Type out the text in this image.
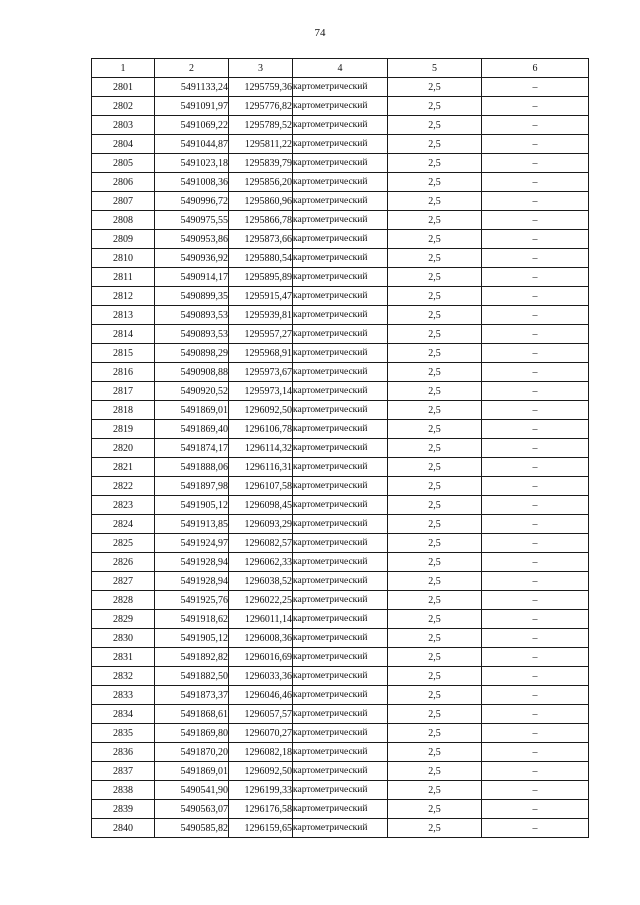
74
1	2	3	4	5	6
2801	5491133,24	1295759,36	картометрический	2,5	–
2802	5491091,97	1295776,82	картометрический	2,5	–
2803	5491069,22	1295789,52	картометрический	2,5	–
2804	5491044,87	1295811,22	картометрический	2,5	–
2805	5491023,18	1295839,79	картометрический	2,5	–
2806	5491008,36	1295856,20	картометрический	2,5	–
2807	5490996,72	1295860,96	картометрический	2,5	–
2808	5490975,55	1295866,78	картометрический	2,5	–
2809	5490953,86	1295873,66	картометрический	2,5	–
2810	5490936,92	1295880,54	картометрический	2,5	–
2811	5490914,17	1295895,89	картометрический	2,5	–
2812	5490899,35	1295915,47	картометрический	2,5	–
2813	5490893,53	1295939,81	картометрический	2,5	–
2814	5490893,53	1295957,27	картометрический	2,5	–
2815	5490898,29	1295968,91	картометрический	2,5	–
2816	5490908,88	1295973,67	картометрический	2,5	–
2817	5490920,52	1295973,14	картометрический	2,5	–
2818	5491869,01	1296092,50	картометрический	2,5	–
2819	5491869,40	1296106,78	картометрический	2,5	–
2820	5491874,17	1296114,32	картометрический	2,5	–
2821	5491888,06	1296116,31	картометрический	2,5	–
2822	5491897,98	1296107,58	картометрический	2,5	–
2823	5491905,12	1296098,45	картометрический	2,5	–
2824	5491913,85	1296093,29	картометрический	2,5	–
2825	5491924,97	1296082,57	картометрический	2,5	–
2826	5491928,94	1296062,33	картометрический	2,5	–
2827	5491928,94	1296038,52	картометрический	2,5	–
2828	5491925,76	1296022,25	картометрический	2,5	–
2829	5491918,62	1296011,14	картометрический	2,5	–
2830	5491905,12	1296008,36	картометрический	2,5	–
2831	5491892,82	1296016,69	картометрический	2,5	–
2832	5491882,50	1296033,36	картометрический	2,5	–
2833	5491873,37	1296046,46	картометрический	2,5	–
2834	5491868,61	1296057,57	картометрический	2,5	–
2835	5491869,80	1296070,27	картометрический	2,5	–
2836	5491870,20	1296082,18	картометрический	2,5	–
2837	5491869,01	1296092,50	картометрический	2,5	–
2838	5490541,90	1296199,33	картометрический	2,5	–
2839	5490563,07	1296176,58	картометрический	2,5	–
2840	5490585,82	1296159,65	картометрический	2,5	–
